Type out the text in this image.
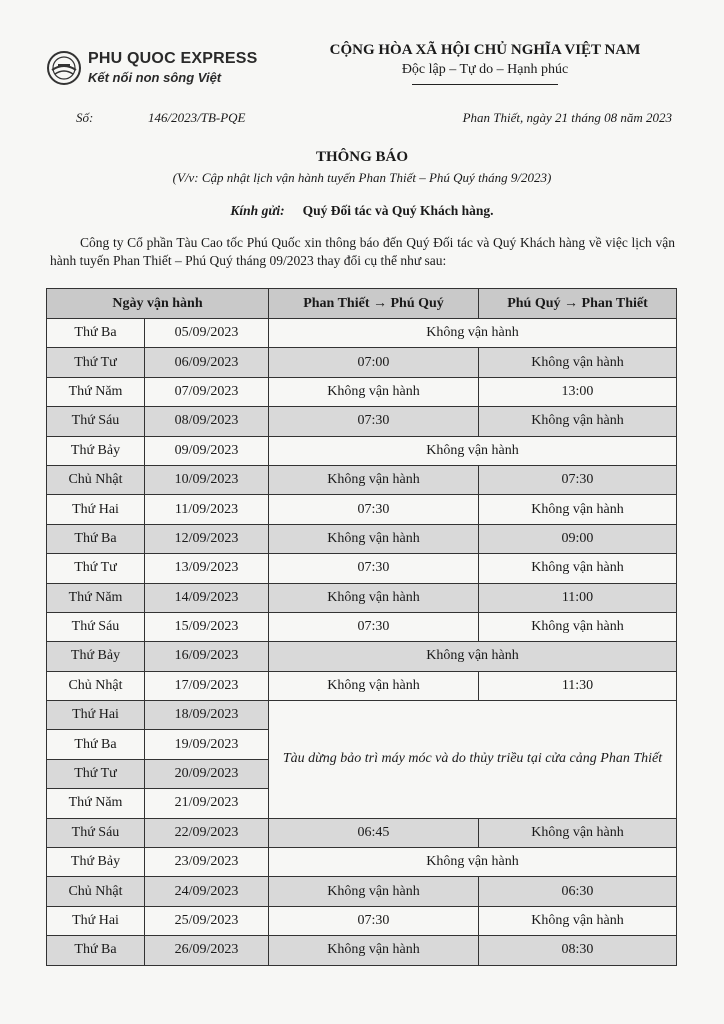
PHU QUOC EXPRESS
Kết nối non sông Việt
CỘNG HÒA XÃ HỘI CHỦ NGHĨA VIỆT NAM
Độc lập – Tự do – Hạnh phúc
Số:	146/2023/TB-PQE	Phan Thiết, ngày 21 tháng 08 năm 2023
THÔNG BÁO
(V/v: Cập nhật lịch vận hành tuyến Phan Thiết – Phú Quý tháng 9/2023)
Kính gửi: Quý Đối tác và Quý Khách hàng.
Công ty Cổ phần Tàu Cao tốc Phú Quốc xin thông báo đến Quý Đối tác và Quý Khách hàng về việc lịch vận hành tuyến Phan Thiết – Phú Quý tháng 09/2023 thay đổi cụ thể như sau:
Ngày vận hành		Phan Thiết → Phú Quý	Phú Quý → Phan Thiết
Thứ Ba	05/09/2023	Không vận hành	
Thứ Tư	06/09/2023	07:00	Không vận hành
Thứ Năm	07/09/2023	Không vận hành	13:00
Thứ Sáu	08/09/2023	07:30	Không vận hành
Thứ Bảy	09/09/2023	Không vận hành	
Chủ Nhật	10/09/2023	Không vận hành	07:30
Thứ Hai	11/09/2023	07:30	Không vận hành
Thứ Ba	12/09/2023	Không vận hành	09:00
Thứ Tư	13/09/2023	07:30	Không vận hành
Thứ Năm	14/09/2023	Không vận hành	11:00
Thứ Sáu	15/09/2023	07:30	Không vận hành
Thứ Bảy	16/09/2023	Không vận hành	
Chủ Nhật	17/09/2023	Không vận hành	11:30
Thứ Hai	18/09/2023	Tàu dừng bảo trì máy móc và do thủy triều tại cửa cảng Phan Thiết	
Thứ Ba	19/09/2023		
Thứ Tư	20/09/2023		
Thứ Năm	21/09/2023		
Thứ Sáu	22/09/2023	06:45	Không vận hành
Thứ Bảy	23/09/2023	Không vận hành	
Chủ Nhật	24/09/2023	Không vận hành	06:30
Thứ Hai	25/09/2023	07:30	Không vận hành
Thứ Ba	26/09/2023	Không vận hành	08:30
